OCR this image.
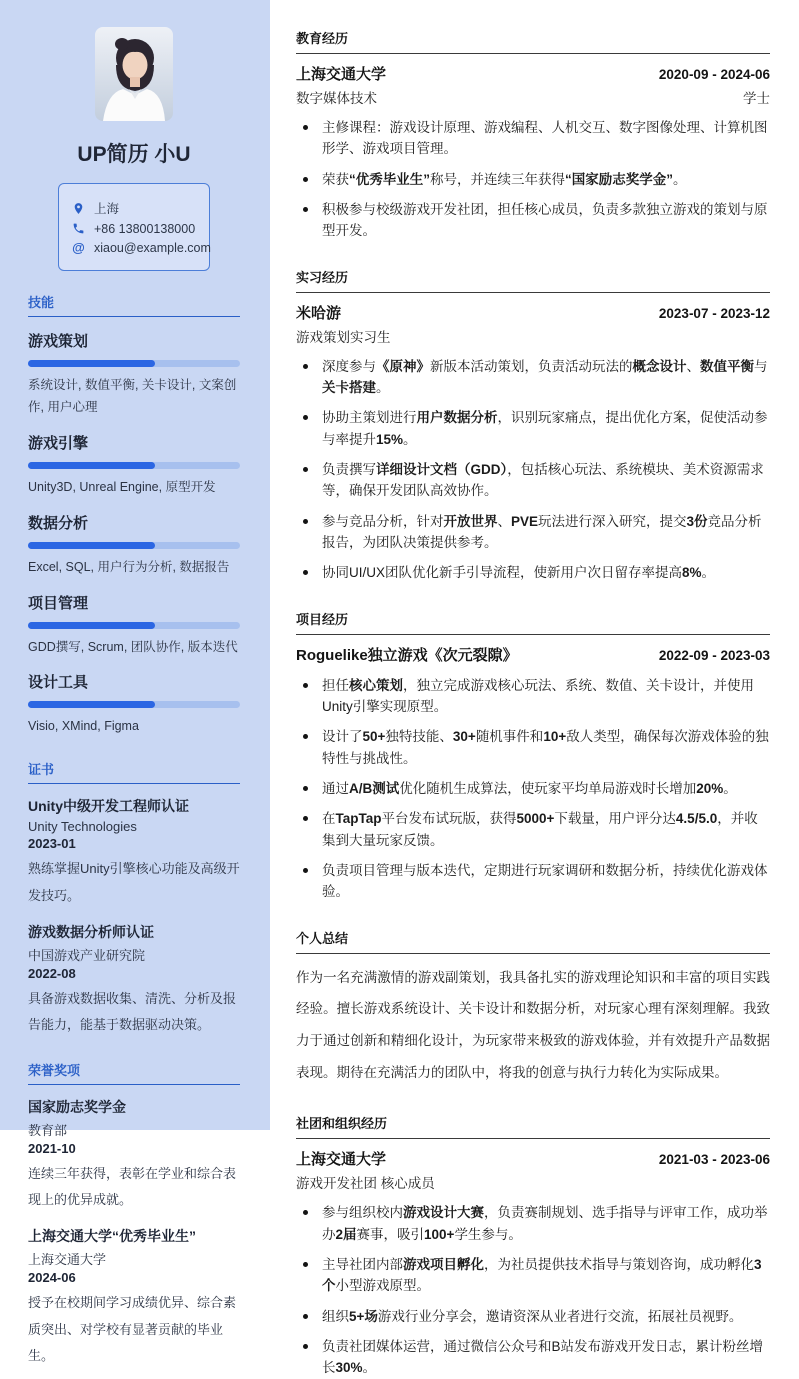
UP简历 小U
上海
+86 13800138000
@ xiaou@example.com
技能
游戏策划
系统设计, 数值平衡, 关卡设计, 文案创作, 用户心理
游戏引擎
Unity3D, Unreal Engine, 原型开发
数据分析
Excel, SQL, 用户行为分析, 数据报告
项目管理
GDD撰写, Scrum, 团队协作, 版本迭代
设计工具
Visio, XMind, Figma
证书
Unity中级开发工程师认证
Unity Technologies
2023-01

熟练掌握Unity引擎核心功能及高级开发技巧。

游戏数据分析师认证
中国游戏产业研究院
2022-08

具备游戏数据收集、清洗、分析及报告能力，能基于数据驱动决策。

荣誉奖项
国家励志奖学金
教育部
2021-10

连续三年获得，表彰在学业和综合表现上的优异成就。

上海交通大学“优秀毕业生”
上海交通大学
2024-06

授予在校期间学习成绩优异、综合素质突出、对学校有显著贡献的毕业生。

教育经历
上海交通大学	2020-09 - 2024-06
数字媒体技术	学士
主修课程：游戏设计原理、游戏编程、人机交互、数字图像处理、计算机图形学、游戏项目管理。
荣获“优秀毕业生”称号，并连续三年获得“国家励志奖学金”。
积极参与校级游戏开发社团，担任核心成员，负责多款独立游戏的策划与原型开发。
实习经历
米哈游	2023-07 - 2023-12
游戏策划实习生
深度参与《原神》新版本活动策划，负责活动玩法的概念设计、数值平衡与关卡搭建。
协助主策划进行用户数据分析，识别玩家痛点，提出优化方案，促使活动参与率提升15%。
负责撰写详细设计文档（GDD），包括核心玩法、系统模块、美术资源需求等，确保开发团队高效协作。
参与竞品分析，针对开放世界、PVE玩法进行深入研究，提交3份竞品分析报告，为团队决策提供参考。
协同UI/UX团队优化新手引导流程，使新用户次日留存率提高8%。
项目经历
Roguelike独立游戏《次元裂隙》	2022-09 - 2023-03
担任核心策划，独立完成游戏核心玩法、系统、数值、关卡设计，并使用Unity引擎实现原型。
设计了50+独特技能、30+随机事件和10+敌人类型，确保每次游戏体验的独特性与挑战性。
通过A/B测试优化随机生成算法，使玩家平均单局游戏时长增加20%。
在TapTap平台发布试玩版，获得5000+下载量，用户评分达4.5/5.0，并收集到大量玩家反馈。
负责项目管理与版本迭代，定期进行玩家调研和数据分析，持续优化游戏体验。
个人总结

作为一名充满激情的游戏副策划，我具备扎实的游戏理论知识和丰富的项目实践经验。擅长游戏系统设计、关卡设计和数据分析，对玩家心理有深刻理解。我致力于通过创新和精细化设计，为玩家带来极致的游戏体验，并有效提升产品数据表现。期待在充满活力的团队中，将我的创意与执行力转化为实际成果。

社团和组织经历
上海交通大学	2021-03 - 2023-06
游戏开发社团 核心成员
参与组织校内游戏设计大赛，负责赛制规划、选手指导与评审工作，成功举办2届赛事，吸引100+学生参与。
主导社团内部游戏项目孵化，为社员提供技术指导与策划咨询，成功孵化3个小型游戏原型。
组织5+场游戏行业分享会，邀请资深从业者进行交流，拓展社员视野。
负责社团媒体运营，通过微信公众号和B站发布游戏开发日志，累计粉丝增长30%。
